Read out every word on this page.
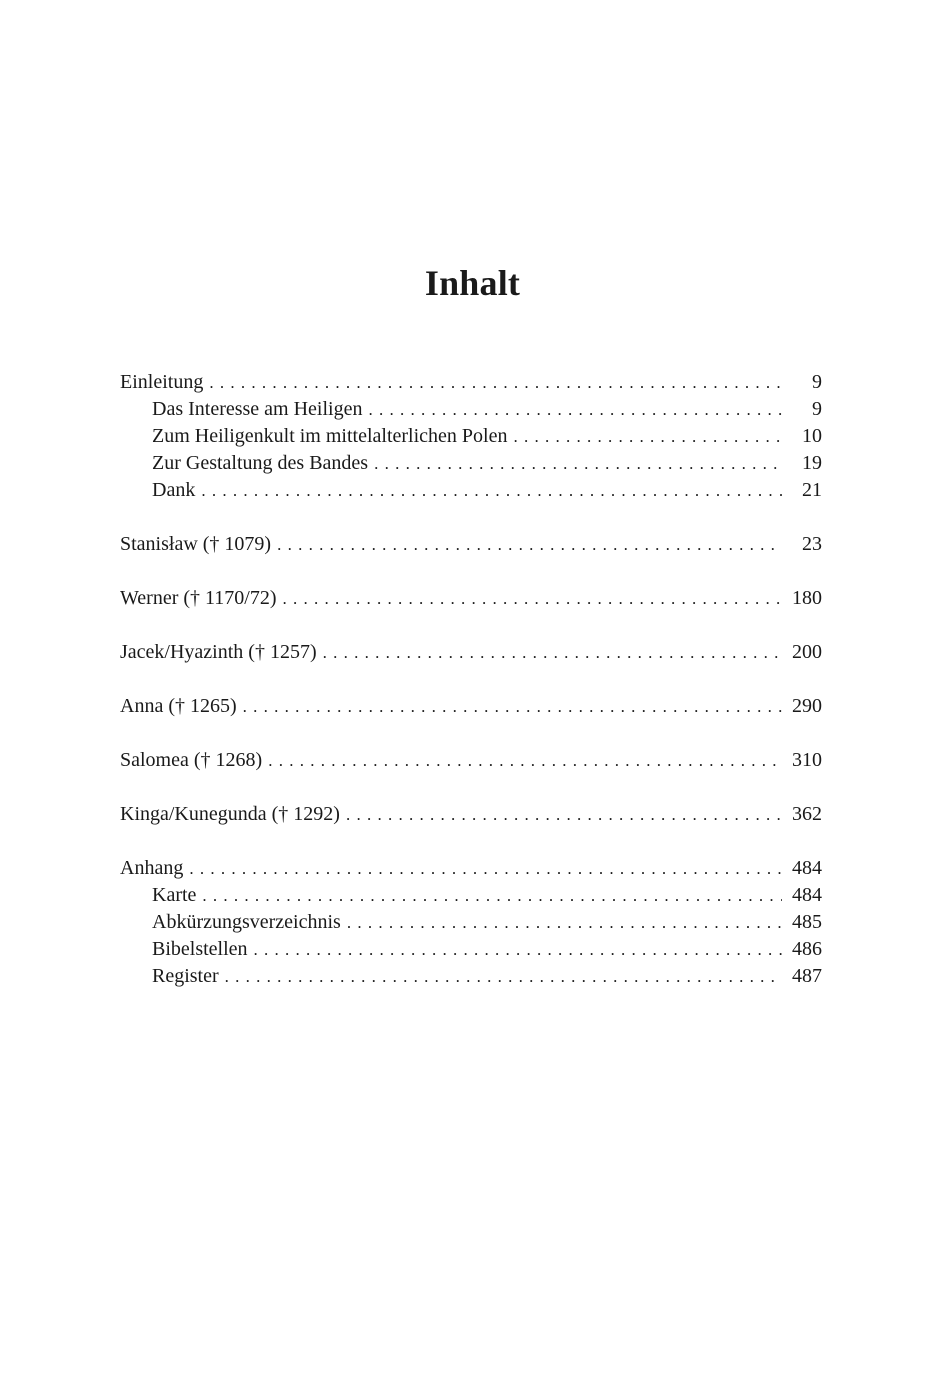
Inhalt
Einleitung . . .	9
Das Interesse am Heiligen . . .	9
Zum Heiligenkult im mittelalterlichen Polen . . .	10
Zur Gestaltung des Bandes . . .	19
Dank . . .	21
Stanisław († 1079) . . .	23
Werner († 1170/72) . . .	180
Jacek/Hyazinth († 1257) . . .	200
Anna († 1265) . . .	290
Salomea († 1268) . . .	310
Kinga/Kunegunda († 1292) . . .	362
Anhang . . .	484
Karte . . .	484
Abkürzungsverzeichnis . . .	485
Bibelstellen . . .	486
Register . . .	487
